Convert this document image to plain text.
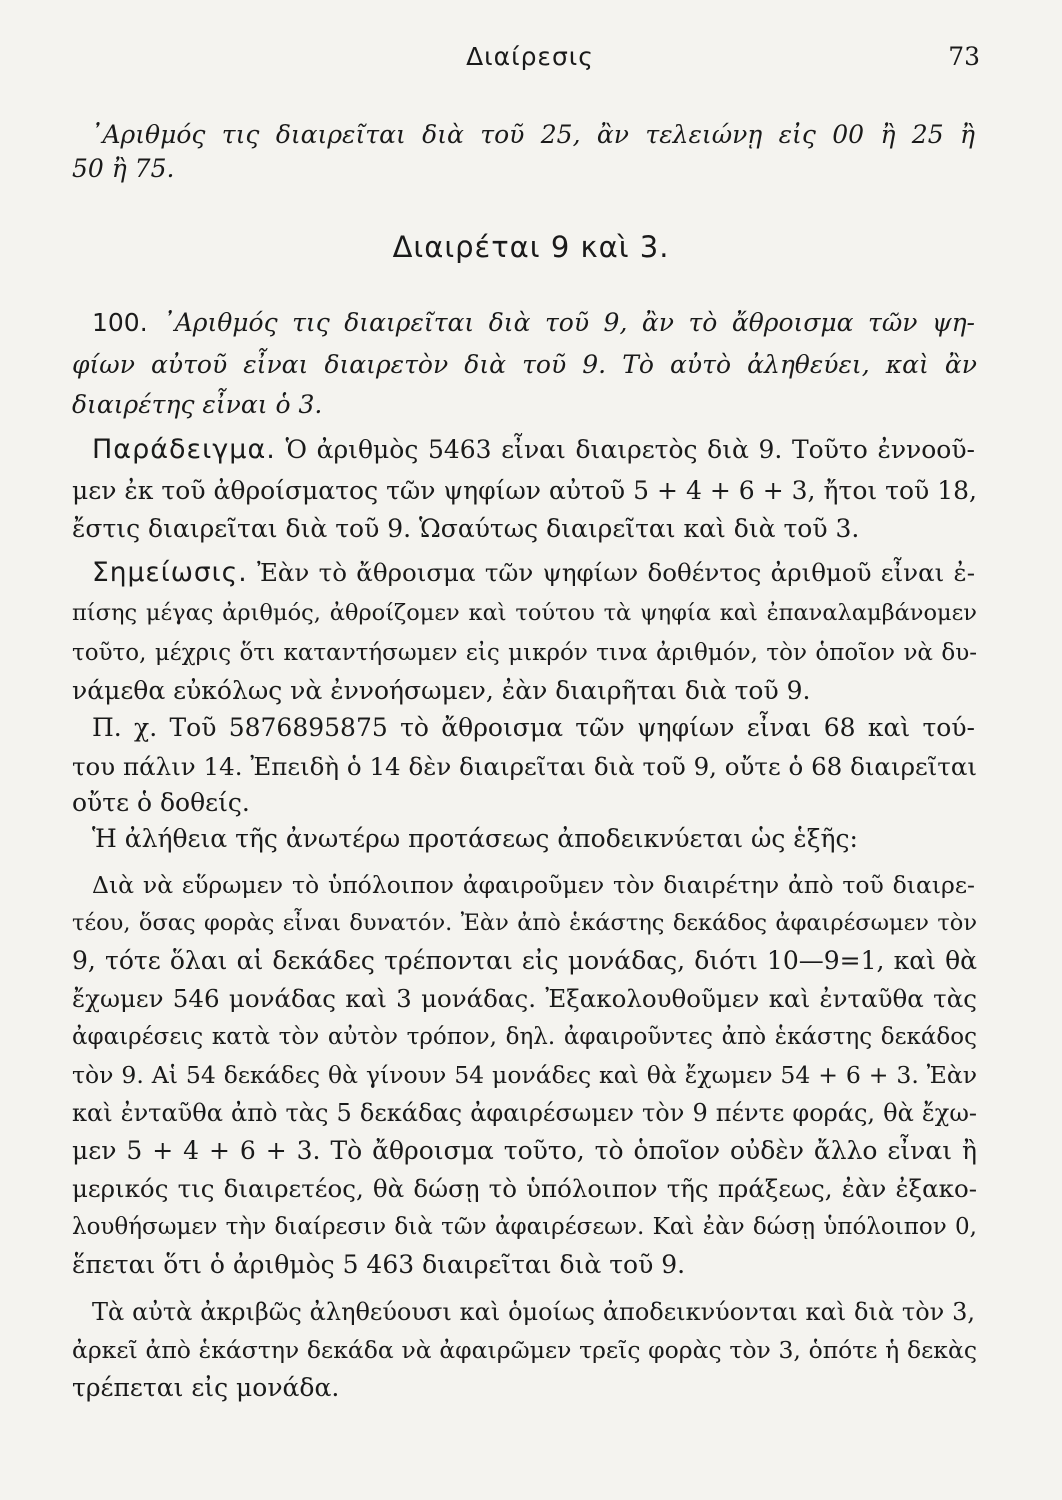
Διαίρεσις	73
᾽Αριθμός τις διαιρεῖται διὰ τοῦ 25, ἂν τελειώνῃ εἰς 00 ἢ 25 ἢ
50 ἢ 75.
Διαιρέται 9 καὶ 3.
100. ᾽Αριθμός τις διαιρεῖται διὰ τοῦ 9, ἂν τὸ ἄθροισμα τῶν ψη-
φίων αὐτοῦ εἶναι διαιρετὸν διὰ τοῦ 9. Τὸ αὐτὸ ἀληθεύει, καὶ ἂν
διαιρέτης εἶναι ὁ 3.
Παράδειγμα. Ὁ ἀριθμὸς 5463 εἶναι διαιρετὸς διὰ 9. Τοῦτο ἐννοοῦ-
μεν ἐκ τοῦ ἀθροίσματος τῶν ψηφίων αὐτοῦ 5 + 4 + 6 + 3, ἤτοι τοῦ 18,
ἔστις διαιρεῖται διὰ τοῦ 9. Ὡσαύτως διαιρεῖται καὶ διὰ τοῦ 3.
Σημείωσις. Ἐὰν τὸ ἄθροισμα τῶν ψηφίων δοθέντος ἀριθμοῦ εἶναι ἐ-
πίσης μέγας ἀριθμός, ἀθροίζομεν καὶ τούτου τὰ ψηφία καὶ ἐπαναλαμβάνομεν
τοῦτο, μέχρις ὅτι καταντήσωμεν εἰς μικρόν τινα ἀριθμόν, τὸν ὁποῖον νὰ δυ-
νάμεθα εὐκόλως νὰ ἐννοήσωμεν, ἐὰν διαιρῆται διὰ τοῦ 9.
Π. χ. Τοῦ 5876895875 τὸ ἄθροισμα τῶν ψηφίων εἶναι 68 καὶ τού-
του πάλιν 14. Ἐπειδὴ ὁ 14 δὲν διαιρεῖται διὰ τοῦ 9, οὔτε ὁ 68 διαιρεῖται
οὔτε ὁ δοθείς.
Ἡ ἀλήθεια τῆς ἀνωτέρω προτάσεως ἀποδεικνύεται ὡς ἑξῆς:
Διὰ νὰ εὕρωμεν τὸ ὑπόλοιπον ἀφαιροῦμεν τὸν διαιρέτην ἀπὸ τοῦ διαιρε-
τέου, ὅσας φορὰς εἶναι δυνατόν. Ἐὰν ἀπὸ ἑκάστης δεκάδος ἀφαιρέσωμεν τὸν
9, τότε ὅλαι αἱ δεκάδες τρέπονται εἰς μονάδας, διότι 10—9=1, καὶ θὰ
ἔχωμεν 546 μονάδας καὶ 3 μονάδας. Ἐξακολουθοῦμεν καὶ ἐνταῦθα τὰς
ἀφαιρέσεις κατὰ τὸν αὐτὸν τρόπον, δηλ. ἀφαιροῦντες ἀπὸ ἑκάστης δεκάδος
τὸν 9. Αἱ 54 δεκάδες θὰ γίνουν 54 μονάδες καὶ θὰ ἔχωμεν 54 + 6 + 3. Ἐὰν
καὶ ἐνταῦθα ἀπὸ τὰς 5 δεκάδας ἀφαιρέσωμεν τὸν 9 πέντε φοράς, θὰ ἔχω-
μεν 5 + 4 + 6 + 3. Τὸ ἄθροισμα τοῦτο, τὸ ὁποῖον οὐδὲν ἄλλο εἶναι ἢ
μερικός τις διαιρετέος, θὰ δώσῃ τὸ ὑπόλοιπον τῆς πράξεως, ἐὰν ἐξακο-
λουθήσωμεν τὴν διαίρεσιν διὰ τῶν ἀφαιρέσεων. Καὶ ἐὰν δώσῃ ὑπόλοιπον 0,
ἕπεται ὅτι ὁ ἀριθμὸς 5 463 διαιρεῖται διὰ τοῦ 9.
Τὰ αὐτὰ ἀκριβῶς ἀληθεύουσι καὶ ὁμοίως ἀποδεικνύονται καὶ διὰ τὸν 3,
ἀρκεῖ ἀπὸ ἑκάστην δεκάδα νὰ ἀφαιρῶμεν τρεῖς φορὰς τὸν 3, ὁπότε ἡ δεκὰς
τρέπεται εἰς μονάδα.
